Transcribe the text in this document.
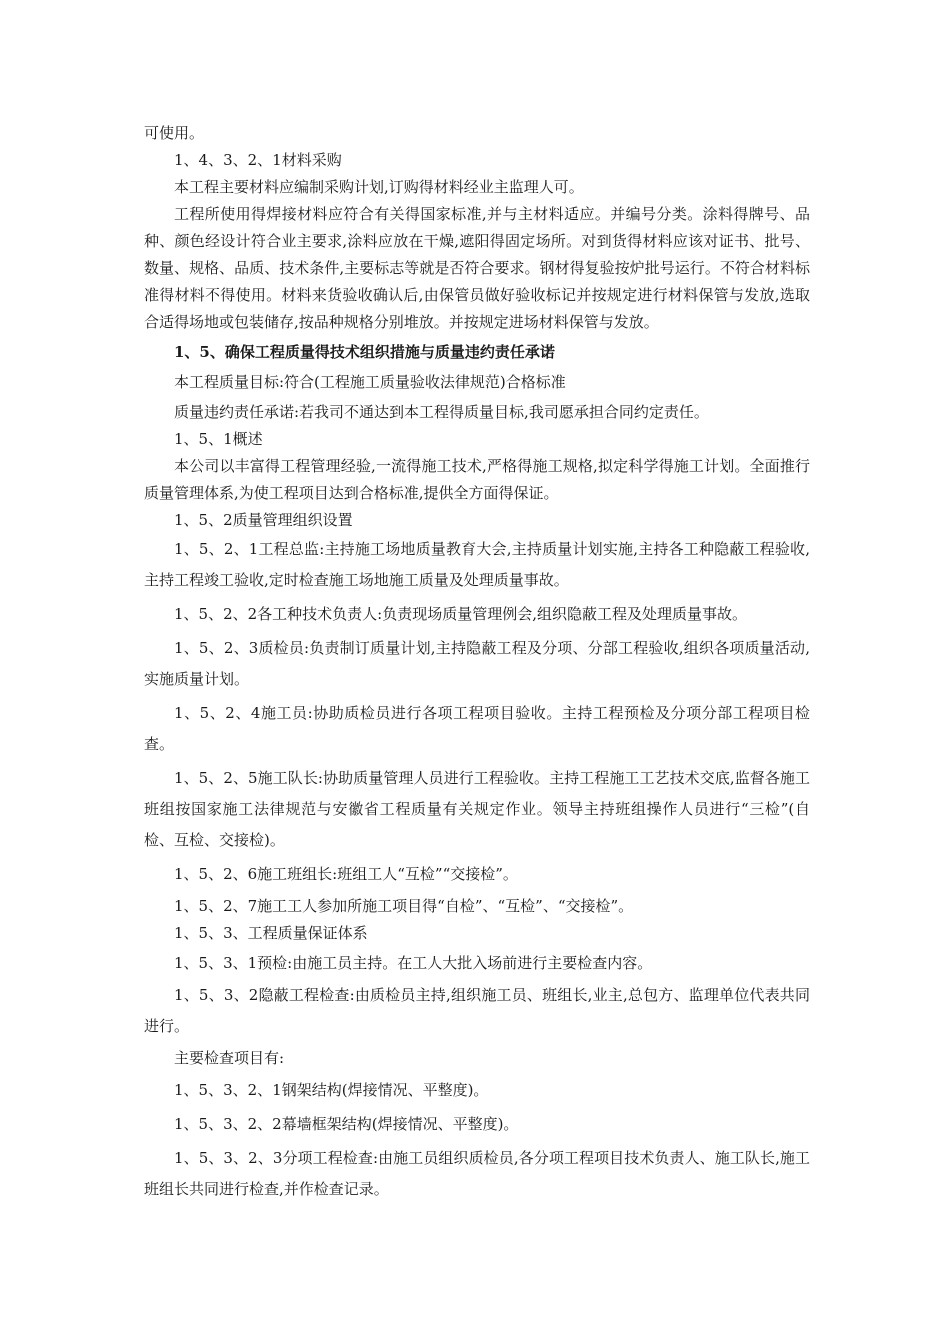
可使用。

1、4、3、2、1材料采购

本工程主要材料应编制采购计划,订购得材料经业主监理人可。

工程所使用得焊接材料应符合有关得国家标准,并与主材料适应。并编号分类。涂料得牌号、品种、颜色经设计符合业主要求,涂料应放在干燥,遮阳得固定场所。对到货得材料应该对证书、批号、数量、规格、品质、技术条件,主要标志等就是否符合要求。钢材得复验按炉批号运行。不符合材料标准得材料不得使用。材料来货验收确认后,由保管员做好验收标记并按规定进行材料保管与发放,选取合适得场地或包装储存,按品种规格分别堆放。并按规定进场材料保管与发放。

1、5、确保工程质量得技术组织措施与质量违约责任承诺

本工程质量目标:符合(工程施工质量验收法律规范)合格标准

质量违约责任承诺:若我司不通达到本工程得质量目标,我司愿承担合同约定责任。

1、5、1概述

本公司以丰富得工程管理经验,一流得施工技术,严格得施工规格,拟定科学得施工计划。全面推行质量管理体系,为使工程项目达到合格标准,提供全方面得保证。

1、5、2质量管理组织设置

1、5、2、1工程总监:主持施工场地质量教育大会,主持质量计划实施,主持各工种隐蔽工程验收,主持工程竣工验收,定时检查施工场地施工质量及处理质量事故。

1、5、2、2各工种技术负责人:负责现场质量管理例会,组织隐蔽工程及处理质量事故。

1、5、2、3质检员:负责制订质量计划,主持隐蔽工程及分项、分部工程验收,组织各项质量活动,实施质量计划。

1、5、2、4施工员:协助质检员进行各项工程项目验收。主持工程预检及分项分部工程项目检查。

1、5、2、5施工队长:协助质量管理人员进行工程验收。主持工程施工工艺技术交底,监督各施工班组按国家施工法律规范与安徽省工程质量有关规定作业。领导主持班组操作人员进行“三检”(自检、互检、交接检)。

1、5、2、6施工班组长:班组工人“互检”“交接检”。

1、5、2、7施工工人参加所施工项目得“自检”、“互检”、“交接检”。

1、5、3、工程质量保证体系

1、5、3、1预检:由施工员主持。在工人大批入场前进行主要检查内容。

1、5、3、2隐蔽工程检查:由质检员主持,组织施工员、班组长,业主,总包方、监理单位代表共同进行。

主要检查项目有:

1、5、3、2、1钢架结构(焊接情况、平整度)。

1、5、3、2、2幕墙框架结构(焊接情况、平整度)。

1、5、3、2、3分项工程检查:由施工员组织质检员,各分项工程项目技术负责人、施工队长,施工班组长共同进行检查,并作检查记录。
